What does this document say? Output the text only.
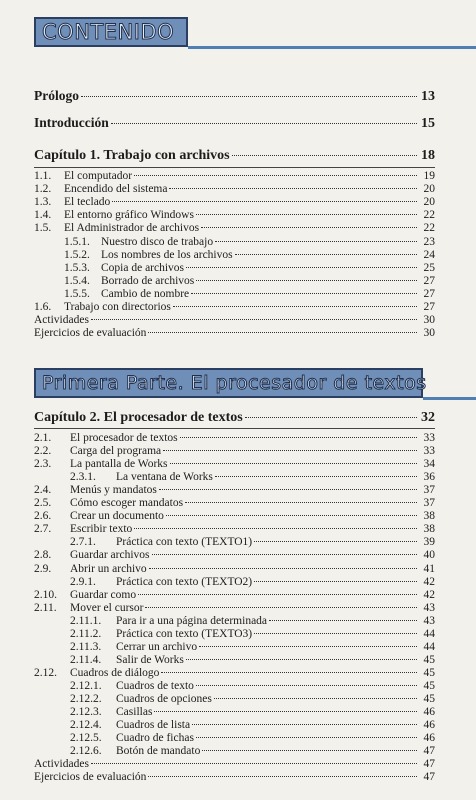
CONTENIDO
Prólogo	13
Introducción	15
Capítulo 1. Trabajo con archivos	18
1.1. El computador	19
1.2. Encendido del sistema	20
1.3. El teclado	20
1.4. El entorno gráfico Windows	22
1.5. El Administrador de archivos	22
1.5.1. Nuestro disco de trabajo	23
1.5.2. Los nombres de los archivos	24
1.5.3. Copia de archivos	25
1.5.4. Borrado de archivos	27
1.5.5. Cambio de nombre	27
1.6. Trabajo con directorios	27
Actividades	30
Ejercicios de evaluación	30
Primera Parte. El procesador de textos
Capítulo 2. El procesador de textos	32
2.1. El procesador de textos	33
2.2. Carga del programa	33
2.3. La pantalla de Works	34
2.3.1. La ventana de Works	36
2.4. Menús y mandatos	37
2.5. Cómo escoger mandatos	37
2.6. Crear un documento	38
2.7. Escribir texto	38
2.7.1. Práctica con texto (TEXTO1)	39
2.8. Guardar archivos	40
2.9. Abrir un archivo	41
2.9.1. Práctica con texto (TEXTO2)	42
2.10. Guardar como	42
2.11. Mover el cursor	43
2.11.1. Para ir a una página determinada	43
2.11.2. Práctica con texto (TEXTO3)	44
2.11.3. Cerrar un archivo	44
2.11.4. Salir de Works	45
2.12. Cuadros de diálogo	45
2.12.1. Cuadros de texto	45
2.12.2. Cuadros de opciones	45
2.12.3. Casillas	46
2.12.4. Cuadros de lista	46
2.12.5. Cuadro de fichas	46
2.12.6. Botón de mandato	47
Actividades	47
Ejercicios de evaluación	47
